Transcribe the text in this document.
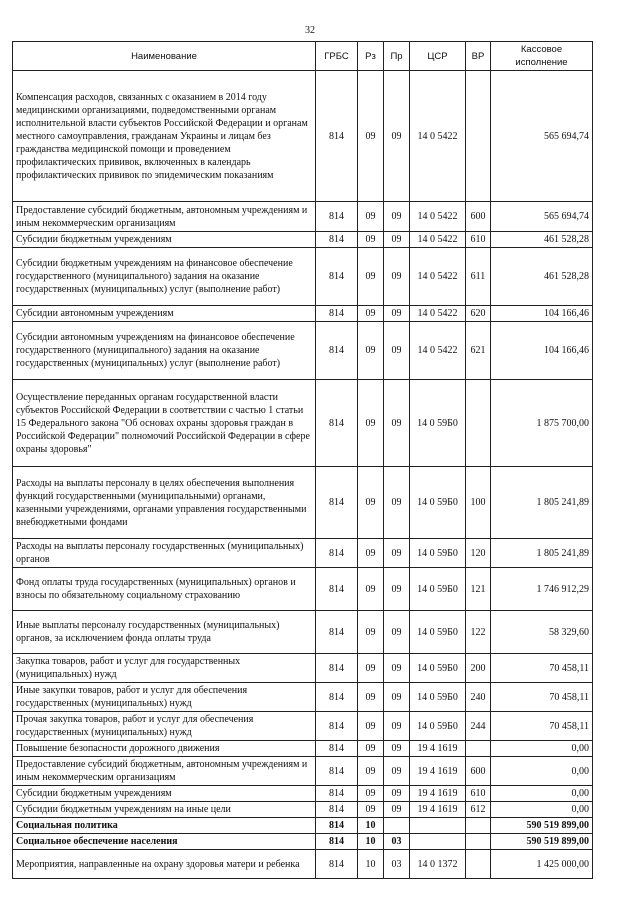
32
Наименование	ГРБС	Рз	Пр	ЦСР	ВР	Кассовое исполнение
Компенсация расходов, связанных с оказанием в 2014 году медицинскими организациями, подведомственными органам исполнительной власти субъектов Российской Федерации и органам местного самоуправления, гражданам Украины и лицам без гражданства медицинской помощи и проведением профилактических прививок, включенных в календарь профилактических прививок по эпидемическим показаниям	814	09	09	14 0 5422		565 694,74
Предоставление субсидий бюджетным, автономным учреждениям и иным некоммерческим организациям	814	09	09	14 0 5422	600	565 694,74
Субсидии бюджетным учреждениям	814	09	09	14 0 5422	610	461 528,28
Субсидии бюджетным учреждениям на финансовое обеспечение государственного (муниципального) задания на оказание государственных (муниципальных) услуг (выполнение работ)	814	09	09	14 0 5422	611	461 528,28
Субсидии автономным учреждениям	814	09	09	14 0 5422	620	104 166,46
Субсидии автономным учреждениям на финансовое обеспечение государственного (муниципального) задания на оказание государственных (муниципальных) услуг (выполнение работ)	814	09	09	14 0 5422	621	104 166,46
Осуществление переданных органам государственной власти субъектов Российской Федерации в соответствии с частью 1 статьи 15 Федерального закона "Об основах охраны здоровья граждан в Российской Федерации" полномочий Российской Федерации в сфере охраны здоровья"	814	09	09	14 0 59Б0		1 875 700,00
Расходы на выплаты персоналу в целях обеспечения выполнения функций государственными (муниципальными) органами, казенными учреждениями, органами управления государственными внебюджетными фондами	814	09	09	14 0 59Б0	100	1 805 241,89
Расходы на выплаты персоналу государственных (муниципальных) органов	814	09	09	14 0 59Б0	120	1 805 241,89
Фонд оплаты труда государственных (муниципальных) органов и взносы по обязательному социальному страхованию	814	09	09	14 0 59Б0	121	1 746 912,29
Иные выплаты персоналу государственных (муниципальных) органов, за исключением фонда оплаты труда	814	09	09	14 0 59Б0	122	58 329,60
Закупка товаров, работ и услуг для государственных (муниципальных) нужд	814	09	09	14 0 59Б0	200	70 458,11
Иные закупки товаров, работ и услуг для обеспечения государственных (муниципальных) нужд	814	09	09	14 0 59Б0	240	70 458,11
Прочая закупка товаров, работ и услуг для обеспечения государственных (муниципальных) нужд	814	09	09	14 0 59Б0	244	70 458,11
Повышение безопасности дорожного движения	814	09	09	19 4 1619		0,00
Предоставление субсидий бюджетным, автономным учреждениям и иным некоммерческим организациям	814	09	09	19 4 1619	600	0,00
Субсидии бюджетным учреждениям	814	09	09	19 4 1619	610	0,00
Субсидии бюджетным учреждениям на иные цели	814	09	09	19 4 1619	612	0,00
Социальная политика	814	10				590 519 899,00
Социальное обеспечение населения	814	10	03			590 519 899,00
Мероприятия, направленные на охрану здоровья матери и ребенка	814	10	03	14 0 1372		1 425 000,00
